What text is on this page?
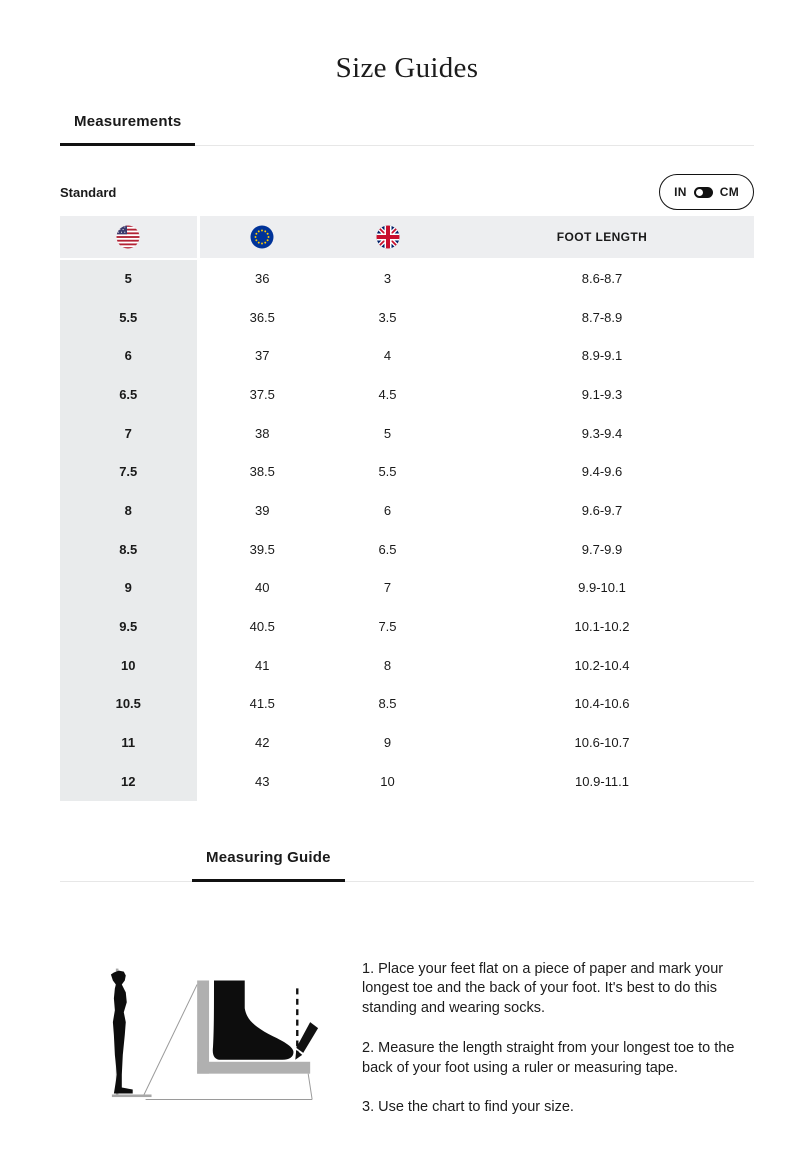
Size Guides
Measurements
Standard	IN	CM
			FOOT LENGTH
5	36	3	8.6-8.7
5.5	36.5	3.5	8.7-8.9
6	37	4	8.9-9.1
6.5	37.5	4.5	9.1-9.3
7	38	5	9.3-9.4
7.5	38.5	5.5	9.4-9.6
8	39	6	9.6-9.7
8.5	39.5	6.5	9.7-9.9
9	40	7	9.9-10.1
9.5	40.5	7.5	10.1-10.2
10	41	8	10.2-10.4
10.5	41.5	8.5	10.4-10.6
11	42	9	10.6-10.7
12	43	10	10.9-11.1
Measuring Guide

1. Place your feet flat on a piece of paper and mark your longest toe and the back of your foot. It's best to do this standing and wearing socks.

2. Measure the length straight from your longest toe to the back of your foot using a ruler or measuring tape.

3. Use the chart to find your size.
